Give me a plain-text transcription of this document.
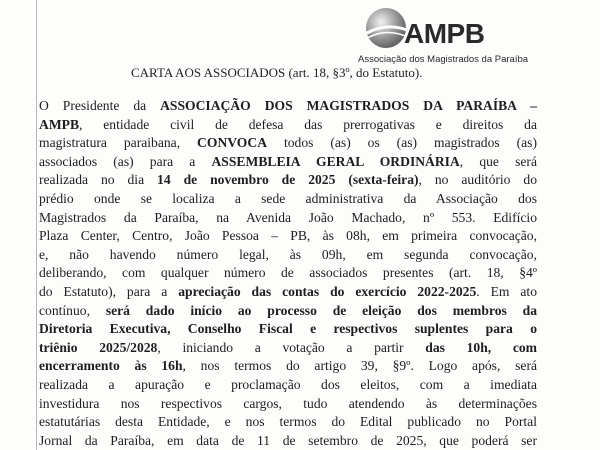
AMPB
Associação dos Magistrados da Paraíba
CARTA AOS ASSOCIADOS (art. 18, §3º, do Estatuto).
O Presidente da ASSOCIAÇÃO DOS MAGISTRADOS DA PARAÍBA –
AMPB, entidade civil de defesa das prerrogativas e direitos da
magistratura paraibana, CONVOCA todos (as) os (as) magistrados (as)
associados (as) para a ASSEMBLEIA GERAL ORDINÁRIA, que será
realizada no dia 14 de novembro de 2025 (sexta-feira), no auditório do
prédio onde se localiza a sede administrativa da Associação dos
Magistrados da Paraíba, na Avenida João Machado, nº 553. Edifício
Plaza Center, Centro, João Pessoa – PB, às 08h, em primeira convocação,
e, não havendo número legal, às 09h, em segunda convocação,
deliberando, com qualquer número de associados presentes (art. 18, §4º
do Estatuto), para a apreciação das contas do exercício 2022-2025. Em ato
contínuo, será dado início ao processo de eleição dos membros da
Diretoria Executiva, Conselho Fiscal e respectivos suplentes para o
triênio 2025/2028, iniciando a votação a partir das 10h, com
encerramento às 16h, nos termos do artigo 39, §9º. Logo após, será
realizada a apuração e proclamação dos eleitos, com a imediata
investidura nos respectivos cargos, tudo atendendo às determinações
estatutárias desta Entidade, e nos termos do Edital publicado no Portal
Jornal da Paraíba, em data de 11 de setembro de 2025, que poderá ser
